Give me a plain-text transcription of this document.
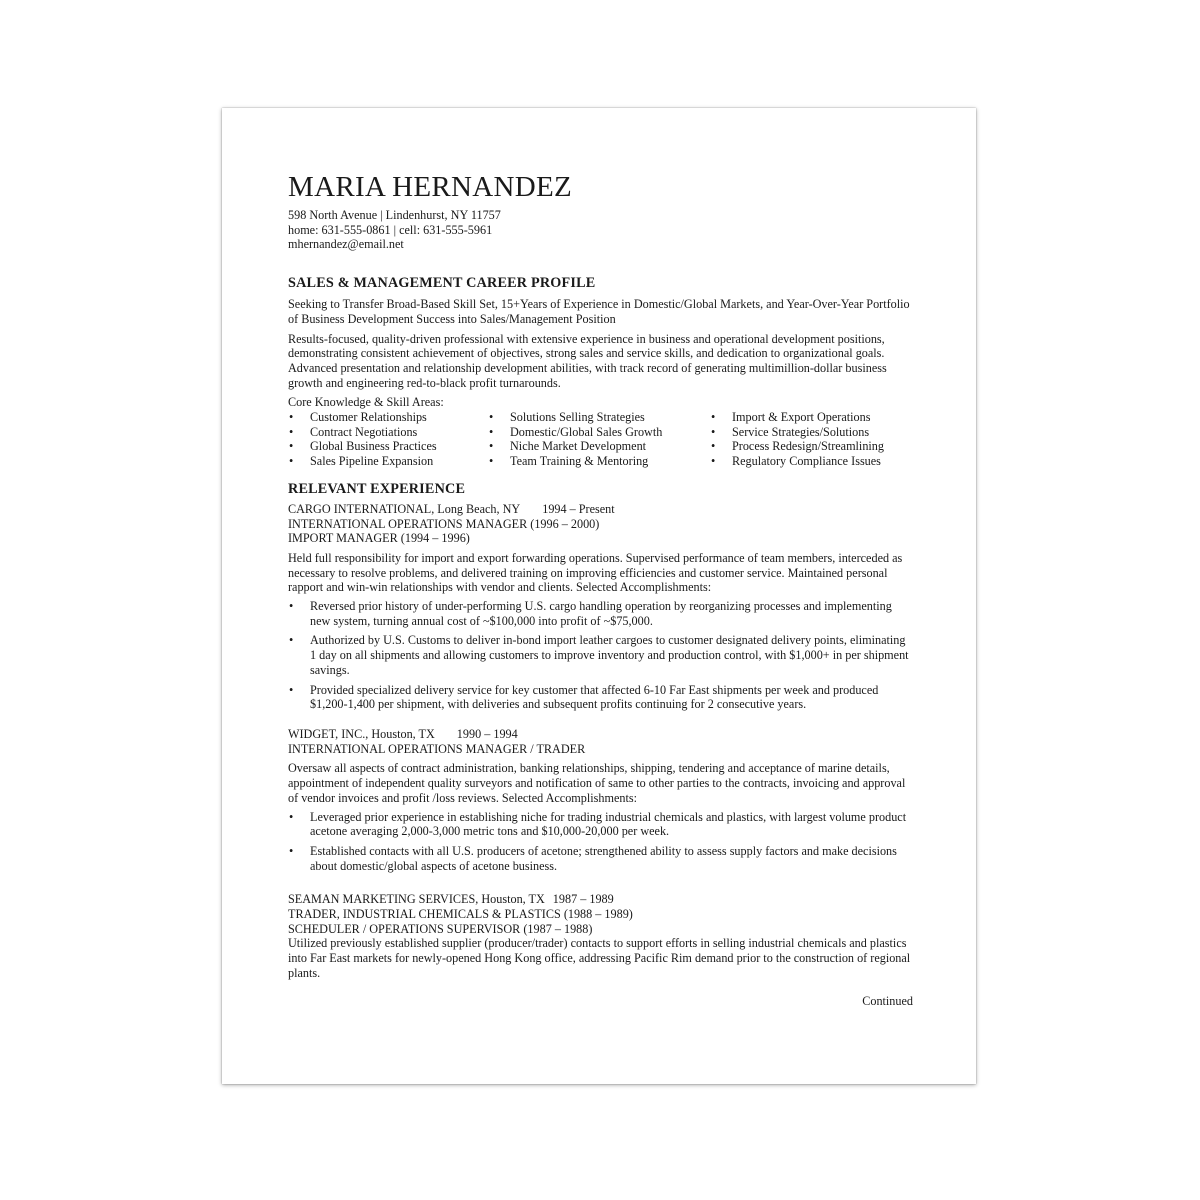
MARIA HERNANDEZ
598 North Avenue | Lindenhurst, NY 11757
home: 631-555-0861 | cell: 631-555-5961
mhernandez@email.net
SALES & MANAGEMENT CAREER PROFILE

Seeking to Transfer Broad-Based Skill Set, 15+Years of Experience in Domestic/Global Markets, and Year-Over-Year Portfolio of Business Development Success into Sales/Management Position

Results-focused, quality-driven professional with extensive experience in business and operational development positions, demonstrating consistent achievement of objectives, strong sales and service skills, and dedication to organizational goals. Advanced presentation and relationship development abilities, with track record of generating multimillion-dollar business growth and engineering red-to-black profit turnarounds.

Core Knowledge & Skill Areas:
• Customer Relationships
• Contract Negotiations
• Global Business Practices
• Sales Pipeline Expansion
• Solutions Selling Strategies
• Domestic/Global Sales Growth
• Niche Market Development
• Team Training & Mentoring
• Import & Export Operations
• Service Strategies/Solutions
• Process Redesign/Streamlining
• Regulatory Compliance Issues
RELEVANT EXPERIENCE
CARGO INTERNATIONAL, Long Beach, NY 1994 – Present
INTERNATIONAL OPERATIONS MANAGER (1996 – 2000)
IMPORT MANAGER (1994 – 1996)

Held full responsibility for import and export forwarding operations. Supervised performance of team members, interceded as necessary to resolve problems, and delivered training on improving efficiencies and customer service. Maintained personal rapport and win-win relationships with vendor and clients. Selected Accomplishments:

• Reversed prior history of under-performing U.S. cargo handling operation by reorganizing processes and implementing new system, turning annual cost of ~$100,000 into profit of ~$75,000.
• Authorized by U.S. Customs to deliver in-bond import leather cargoes to customer designated delivery points, eliminating 1 day on all shipments and allowing customers to improve inventory and production control, with $1,000+ in per shipment savings.
• Provided specialized delivery service for key customer that affected 6-10 Far East shipments per week and produced $1,200-1,400 per shipment, with deliveries and subsequent profits continuing for 2 consecutive years.
WIDGET, INC., Houston, TX 1990 – 1994
INTERNATIONAL OPERATIONS MANAGER / TRADER

Oversaw all aspects of contract administration, banking relationships, shipping, tendering and acceptance of marine details, appointment of independent quality surveyors and notification of same to other parties to the contracts, invoicing and approval of vendor invoices and profit /loss reviews. Selected Accomplishments:

• Leveraged prior experience in establishing niche for trading industrial chemicals and plastics, with largest volume product acetone averaging 2,000-3,000 metric tons and $10,000-20,000 per week.
• Established contacts with all U.S. producers of acetone; strengthened ability to assess supply factors and make decisions about domestic/global aspects of acetone business.
SEAMAN MARKETING SERVICES, Houston, TX 1987 – 1989
TRADER, INDUSTRIAL CHEMICALS & PLASTICS (1988 – 1989)
SCHEDULER / OPERATIONS SUPERVISOR (1987 – 1988)

Utilized previously established supplier (producer/trader) contacts to support efforts in selling industrial chemicals and plastics into Far East markets for newly-opened Hong Kong office, addressing Pacific Rim demand prior to the construction of regional plants.

Continued
